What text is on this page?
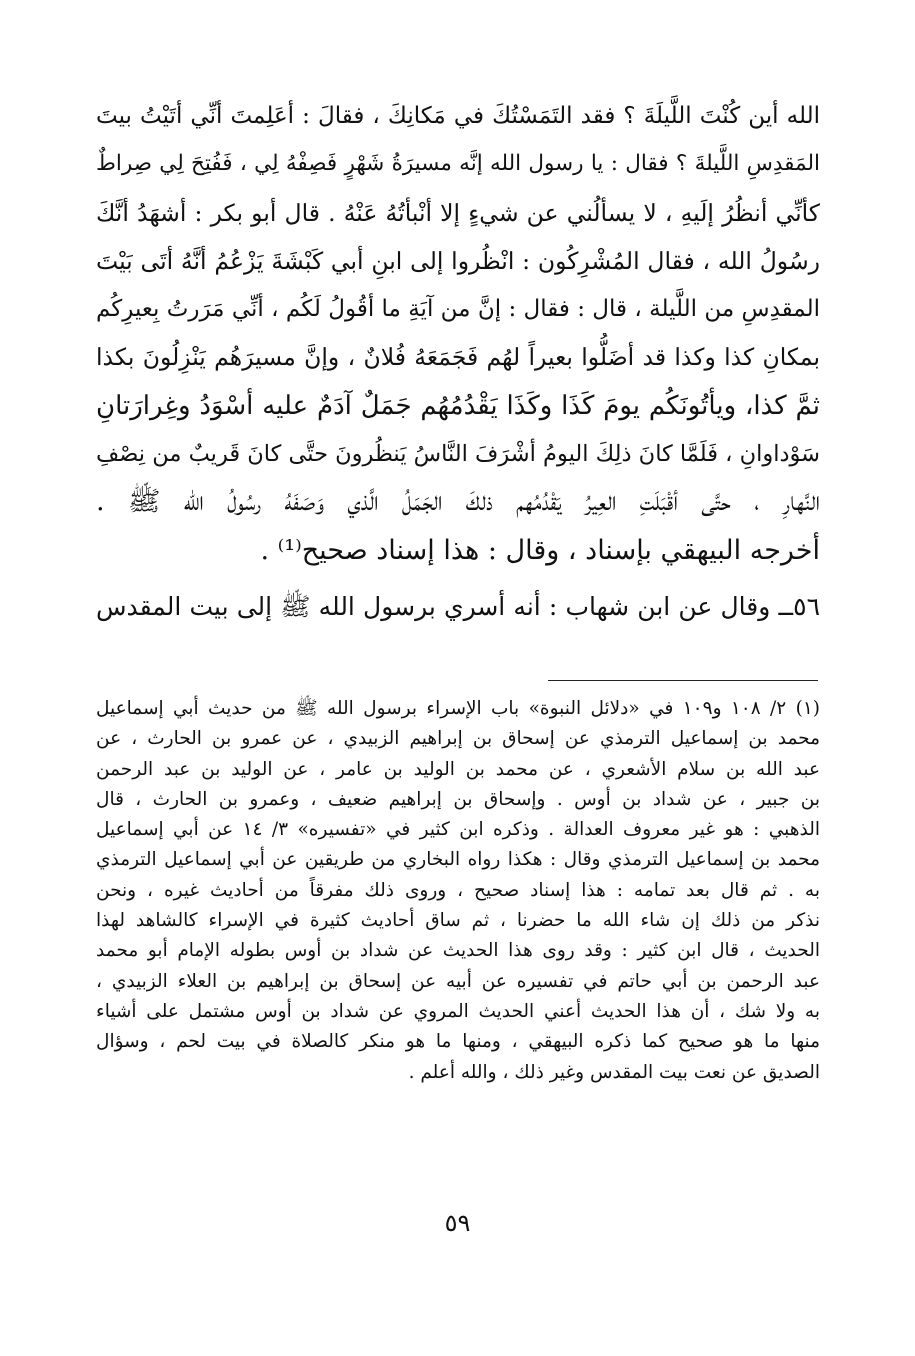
الله أين كُنْتَ اللَّيلَةَ ؟ فقد التَمَسْتُكَ في مَكانِكَ ، فقالَ : أعَلِمتَ أنِّي أتَيْتُ بيتَ
المَقدِسِ اللَّيلةَ ؟ فقال : يا رسول الله إنَّه مسيرَةُ شَهْرٍ فَصِفْهُ لِي ، فَفُتِحَ لِي صِراطٌ
كأنِّي أنظُرُ إلَيهِ ، لا يسألُني عن شيءٍ إلا أنْبأتُهُ عَنْهُ . قال أبو بكر : أشهَدُ أنَّكَ
رسُولُ الله ، فقال المُشْرِكُون : انْظُروا إلى ابنِ أبي كَبْشَةَ يَزْعُمُ أنَّهُ أتَى بَيْتَ
المقدِسِ من اللَّيلة ، قال : فقال : إنَّ من آيَةِ ما أقُولُ لَكُم ، أنِّي مَرَرتُ بِعيرِكُم
بمكانِ كذا وكذا قد أضَلُّوا بعيراً لهُم فَجَمَعَهُ فُلانٌ ، وإنَّ مسيرَهُم يَنْزِلُونَ بكذا
ثمَّ كذا، ويأتُونَكُم يومَ كَذَا وكَذَا يَقْدُمُهُم جَمَلٌ آدَمٌ عليه أسْوَدُ وغِرارَتانِ
سَوْداوانِ ، فَلَمَّا كانَ ذلِكَ اليومُ أشْرَفَ النَّاسُ يَنظُرونَ حتَّى كانَ قَريبٌ من نِصْفِ
النَّهارِ ، حتَّى أقْبَلَتِ العِيرُ يَقْدُمُهم ذلكَ الجَمَلُ الَّذي وَصَفَهُ رسُولُ الله ﷺ .
أخرجه البيهقي بإسناد ، وقال : هذا إسناد صحيح⁽¹⁾ .
٥٦ــ وقال عن ابن شهاب : أنه أسري برسول الله ﷺ إلى بيت المقدس
(١) ٢/ ١٠٨ و١٠٩ في «دلائل النبوة» باب الإسراء برسول الله ﷺ من حديث أبي إسماعيل
محمد بن إسماعيل الترمذي عن إسحاق بن إبراهيم الزبيدي ، عن عمرو بن الحارث ، عن
عبد الله بن سلام الأشعري ، عن محمد بن الوليد بن عامر ، عن الوليد بن عبد الرحمن
بن جبير ، عن شداد بن أوس . وإسحاق بن إبراهيم ضعيف ، وعمرو بن الحارث ، قال
الذهبي : هو غير معروف العدالة . وذكره ابن كثير في «تفسيره» ٣/ ١٤ عن أبي إسماعيل
محمد بن إسماعيل الترمذي وقال : هكذا رواه البخاري من طريقين عن أبي إسماعيل الترمذي
به . ثم قال بعد تمامه : هذا إسناد صحيح ، وروى ذلك مفرقاً من أحاديث غيره ، ونحن
نذكر من ذلك إن شاء الله ما حضرنا ، ثم ساق أحاديث كثيرة في الإسراء كالشاهد لهذا
الحديث ، قال ابن كثير : وقد روى هذا الحديث عن شداد بن أوس بطوله الإمام أبو محمد
عبد الرحمن بن أبي حاتم في تفسيره عن أبيه عن إسحاق بن إبراهيم بن العلاء الزبيدي ،
به ولا شك ، أن هذا الحديث أعني الحديث المروي عن شداد بن أوس مشتمل على أشياء
منها ما هو صحيح كما ذكره البيهقي ، ومنها ما هو منكر كالصلاة في بيت لحم ، وسؤال
الصديق عن نعت بيت المقدس وغير ذلك ، والله أعلم .
٥٩
